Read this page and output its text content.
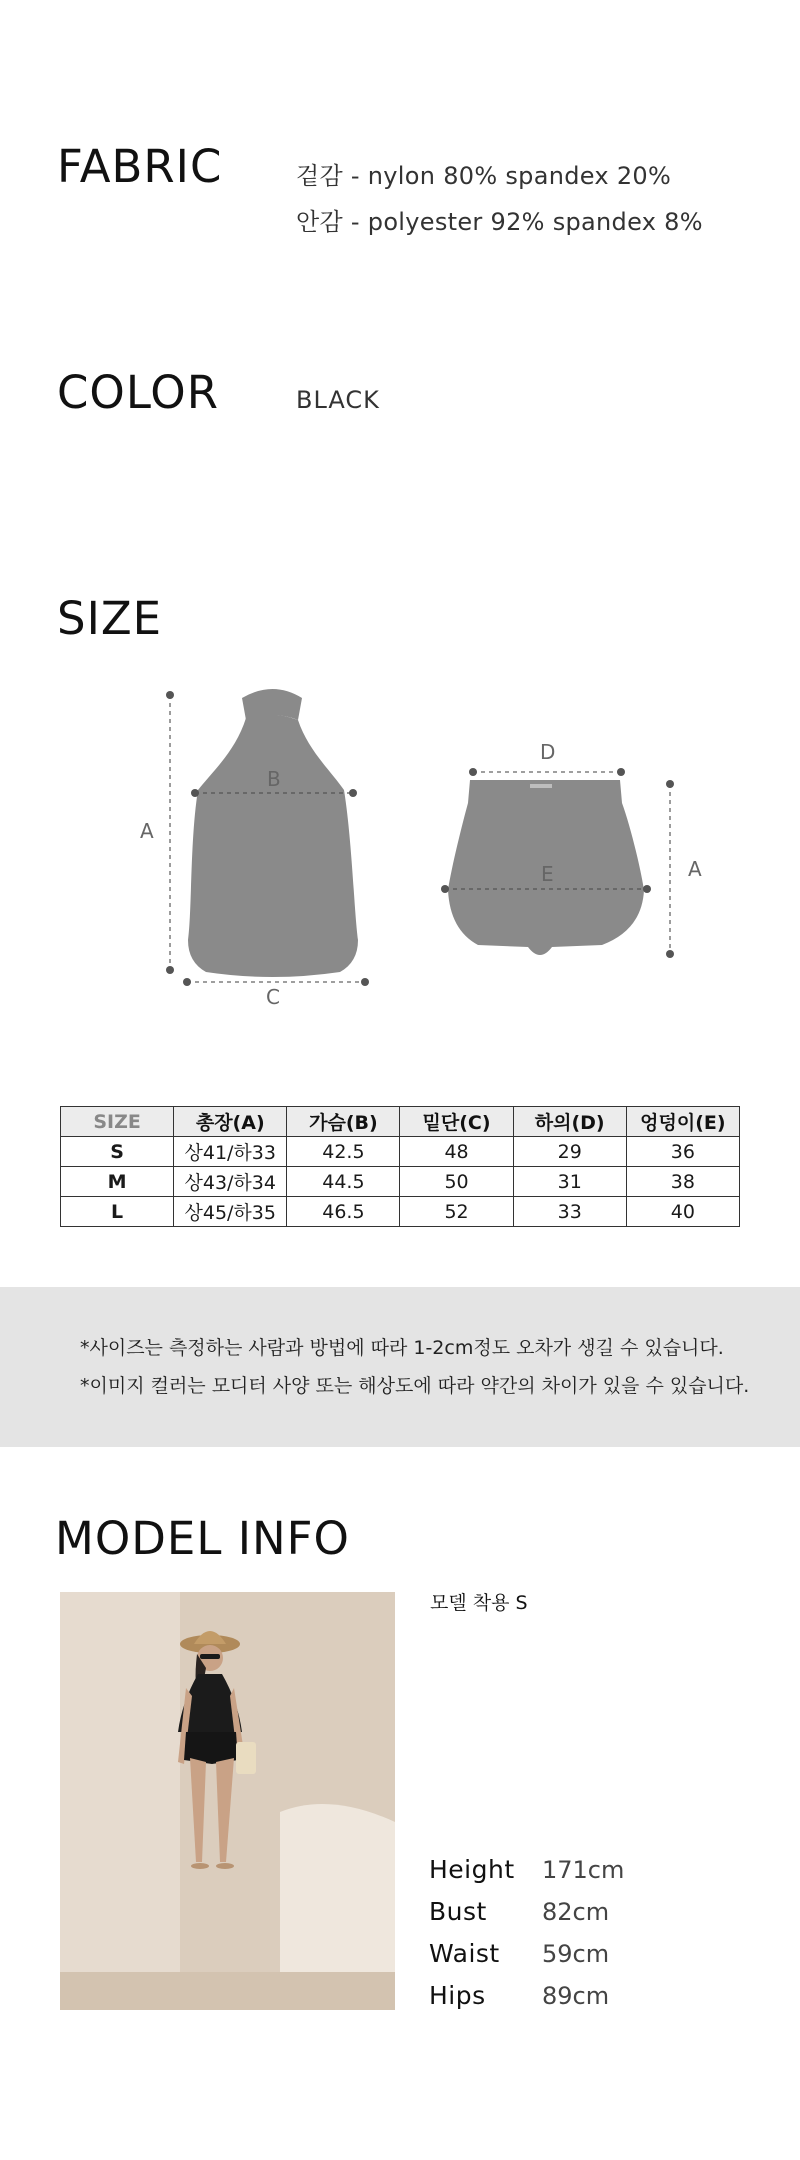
FABRIC	겉감 - nylon 80% spandex 20%
안감 - polyester 92% spandex 8%
COLOR	BLACK
SIZE
A
B
C
D
E	A
SIZE	총장(A)	가슴(B)	밑단(C)	하의(D)	엉덩이(E)
S	상41/하33	42.5	48	29	36
M	상43/하34	44.5	50	31	38
L	상45/하35	46.5	52	33	40

*사이즈는 측정하는 사람과 방법에 따라 1-2cm정도 오차가 생길 수 있습니다.

*이미지 컬러는 모디터 사양 또는 해상도에 따라 약간의 차이가 있을 수 있습니다.

MODEL INFO
모델 착용 S
Height 171cm
Bust 82cm
Waist 59cm
Hips 89cm
